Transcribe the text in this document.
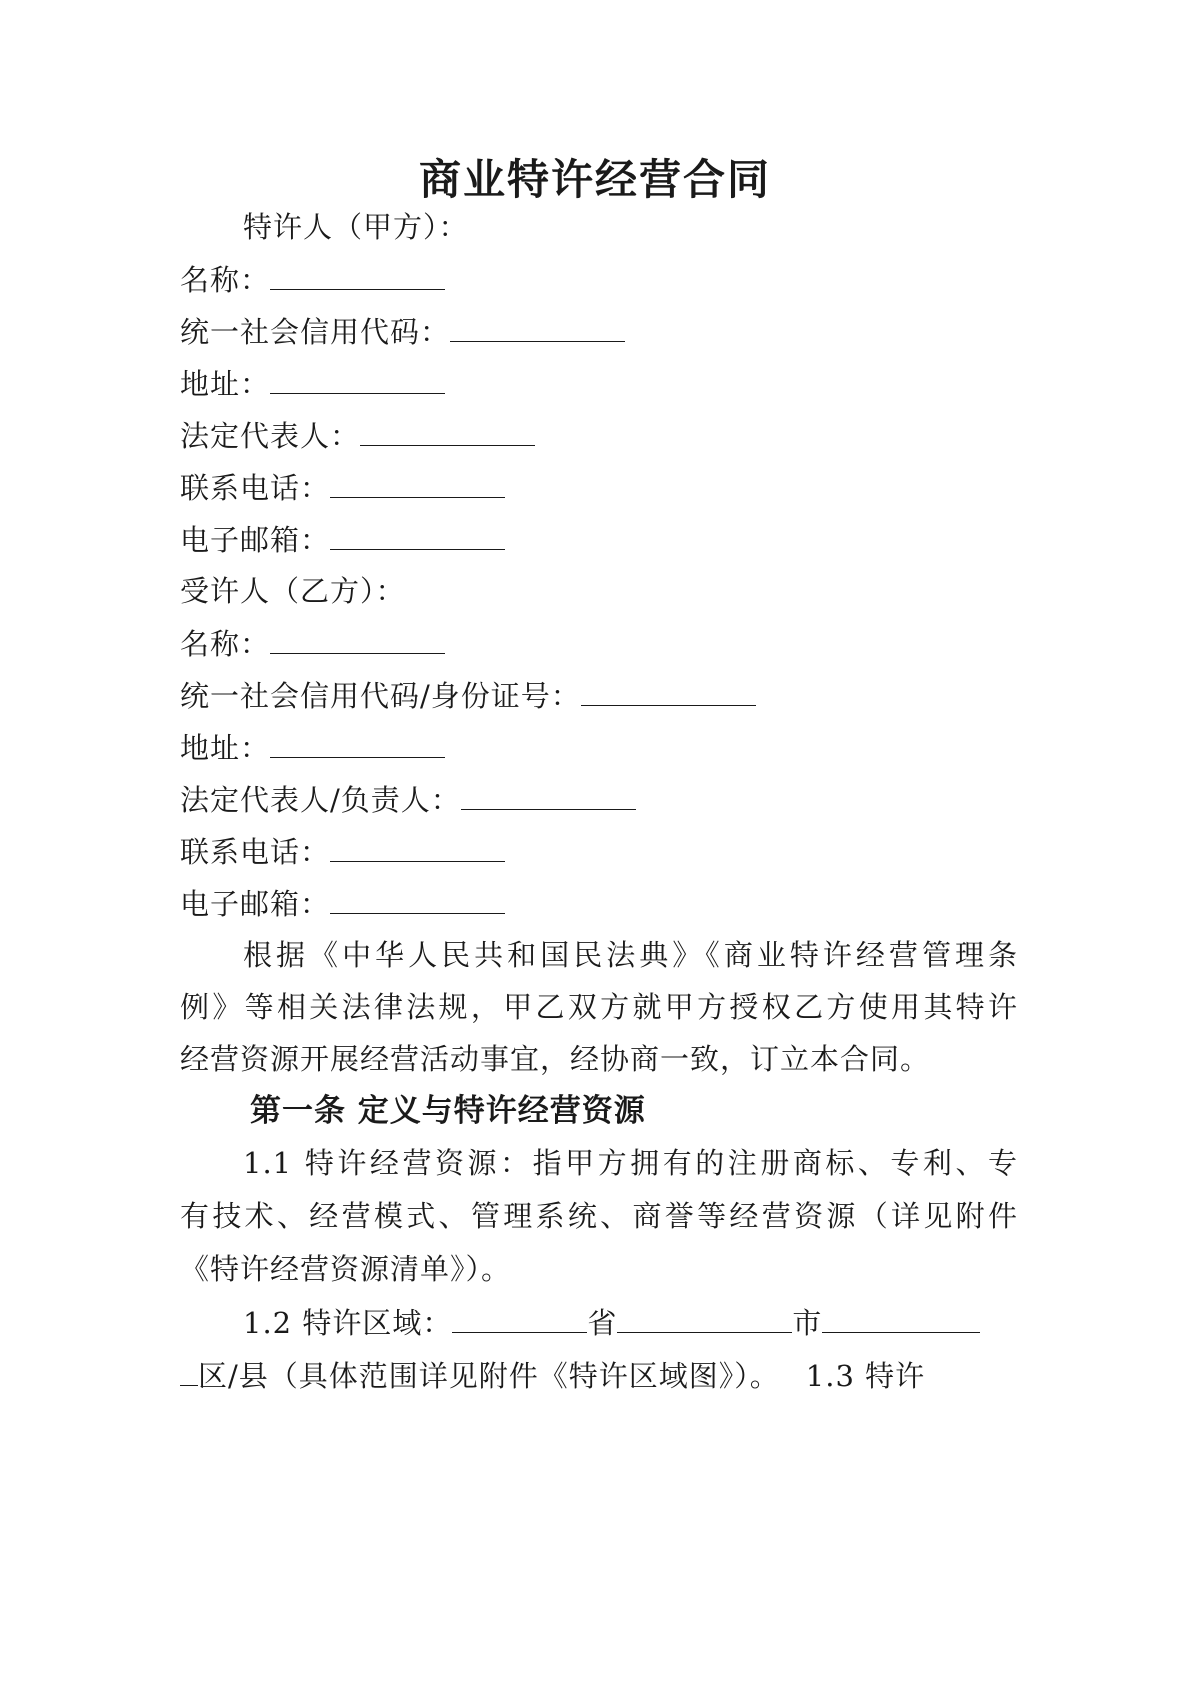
商业特许经营合同
特许人（甲方）：
名称：
统一社会信用代码：
地址：
法定代表人：
联系电话：
电子邮箱：
受许人（乙方）：
名称：
统一社会信用代码/身份证号：
地址：
法定代表人/负责人：
联系电话：
电子邮箱：
根据《中华人民共和国民法典》《商业特许经营管理条
例》等相关法律法规，甲乙双方就甲方授权乙方使用其特许
经营资源开展经营活动事宜，经协商一致，订立本合同。
第一条 定义与特许经营资源
1.1 特许经营资源：指甲方拥有的注册商标、专利、专
有技术、经营模式、管理系统、商誉等经营资源（详见附件
《特许经营资源清单》）。
1.2 特许区域：	省	市
区/县（具体范围详见附件《特许区域图》）。 1.3 特许
